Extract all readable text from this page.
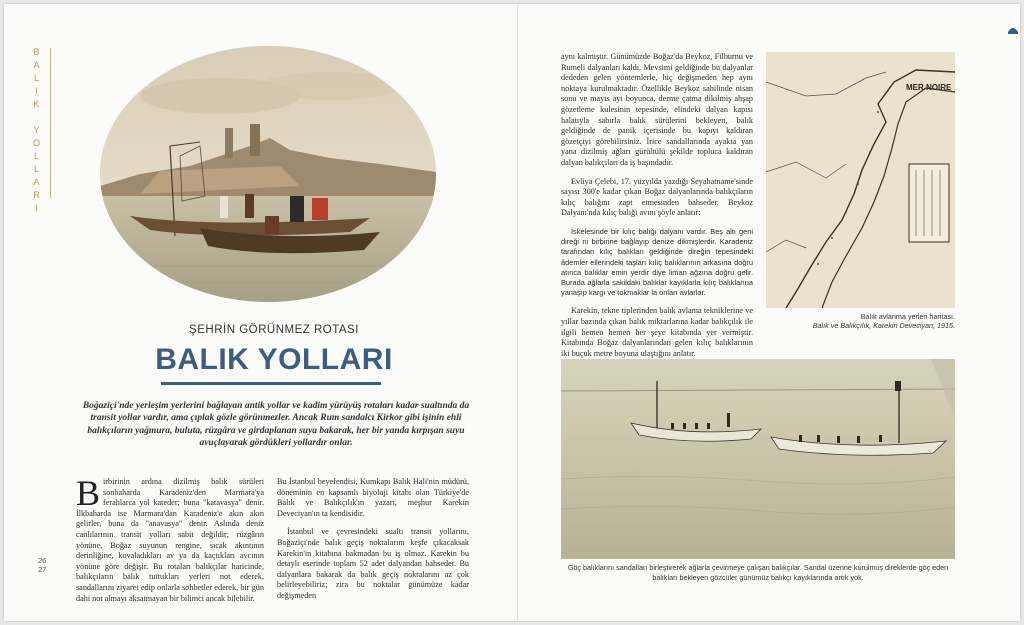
B
A
L
I
K
Y
O
L
L
A
R
I
ŞEHRİN GÖRÜNMEZ ROTASI
BALIK YOLLARI
Boğaziçi'nde yerleşim yerlerini bağlayan antik yollar ve kadim yürüyüş rotaları kadar sualtında da transit yollar vardır, ama çıplak gözle görünmezler. Ancak Rum sandalcı Kirkor gibi işinin ehli balıkçıların yağmura, buluta, rüzgâra ve girdaplanan suya bakarak, her bir yanda kırpışan suyu avuçlayarak gördükleri yollardır onlar.

Birbirinin ardına dizilmiş balık sürüleri sonbaharda Karadeniz'den Marmara'ya ferahlarca yol kateder; buna "katavasya" denir. İlkbaharda ise Marmara'dan Karadeniz'e akın akın gelirler, buna da "anavasya" denir. Aslında deniz canlılarının transit yolları sabit değildir; rüzgârın yönüne, Boğaz suyunun rengine, sıcak akıntının derinliğine, kovaladıkları av ya da kaçtıkları avcının yönüne göre değişir. Bu rotaları balıkçılar haricinde, balıkçıların balık tuttukları yerleri not ederek, sandallarını ziyaret edip onlarla sohbetler ederek, bir gün dahi not almayı aksatmayan bir bilimci ancak bilebilir.

Bu İstanbul beyefendisi, Kumkapı Balık Hali'nin müdürü, döneminin en kapsamlı biyoloji kitabı olan Türkiye'de Balık ve Balıkçılık'ın yazarı, meşhur Karekin Deveciyan'ın ta kendisidir.

İstanbul ve çevresindeki sualtı transit yollarını, Boğaziçi'nde balık geçiş noktalarını keşfe çıkacaksak Karekin'in kitabına bakmadan bu iş olmaz. Karekin bu detaylı eserinde toplam 52 adet dalyandan bahseder. Bu dalyanlara bakarak da balık geçiş noktalarını az çok belirleyebiliriz; zira bu noktalar günümüze kadar değişmeden

26
27

aynı kalmıştır. Günümüzde Boğaz'da Beykoz, Filburnu ve Rumeli dalyanları kaldı. Mevsimi geldiğinde bu dalyanlar dededen gelen yöntemlerle, hiç değişmeden hep aynı noktaya kurulmaktadır. Özellikle Beykoz sahilinde nisan sonu ve mayıs ayı boyunca, derme çatma dikilmiş ahşap gözetleme kulesinin tepesinde, elindeki dalyan kapısı halatıyla sabırla balık sürülerini bekleyen, balık geldiğinde de panik içerisinde bu kapıyı kaldıran gözetçiyi görebilirsiniz. İrice sandallarında ayakta yan yana dizilmiş ağları gürültülü şekilde topluca kaldıran dalyan balıkçıları da iş başındadır.

Evliya Çelebi, 17. yüzyılda yazdığı Seyahatname'sinde sayısı 300'e kadar çıkan Boğaz dalyanlarında balıkçıların kılıç balığını zapt etmesinden bahseder. Beykoz Dalyanı'nda kılıç balığı avını şöyle anlatır:

İskelesinde bir kılıç balığı dalyanı vardır. Beş altı geni direği ni birbirine bağlayıp denize dikmişlerdir. Karadeniz tarafından kılıç balıkları geldiğinde direğin tepesindeki âdemler ellerindeki taşları kılıç balıklarının arkasına doğru atınca balıklar emin yerdir diye liman ağzına doğru gelir. Burada ağlarla sakildaki balıklar kayıklarla kılıç balıklarına yanaşıp kargı ve tokmaklar la onları avlarlar.

Karekin, tekne tiplerinden balık avlama tekniklerine ve yıllar bazında çıkan balık miktarlarına kadar balıkçılık ile ilgili hemen hemen her şeye kitabında yer vermiştir. Kitabında Boğaz dalyanlarından gelen kılıç balıklarının iki buçuk metre boyuna ulaştığını anlatır.

MER NOIRE
Balık avlanma yerleri haritası.
Balık ve Balıkçılık, Karekin Deveciyan, 1915.
Göç balıklarını sandalları birleştirerek ağlarla çevirmeye çalışan balıkçılar. Sandal üzerine kurulmuş direklerde göç eden balıkları bekleyen gözcüler günümüz balıkçı kayıklarında artık yok.
